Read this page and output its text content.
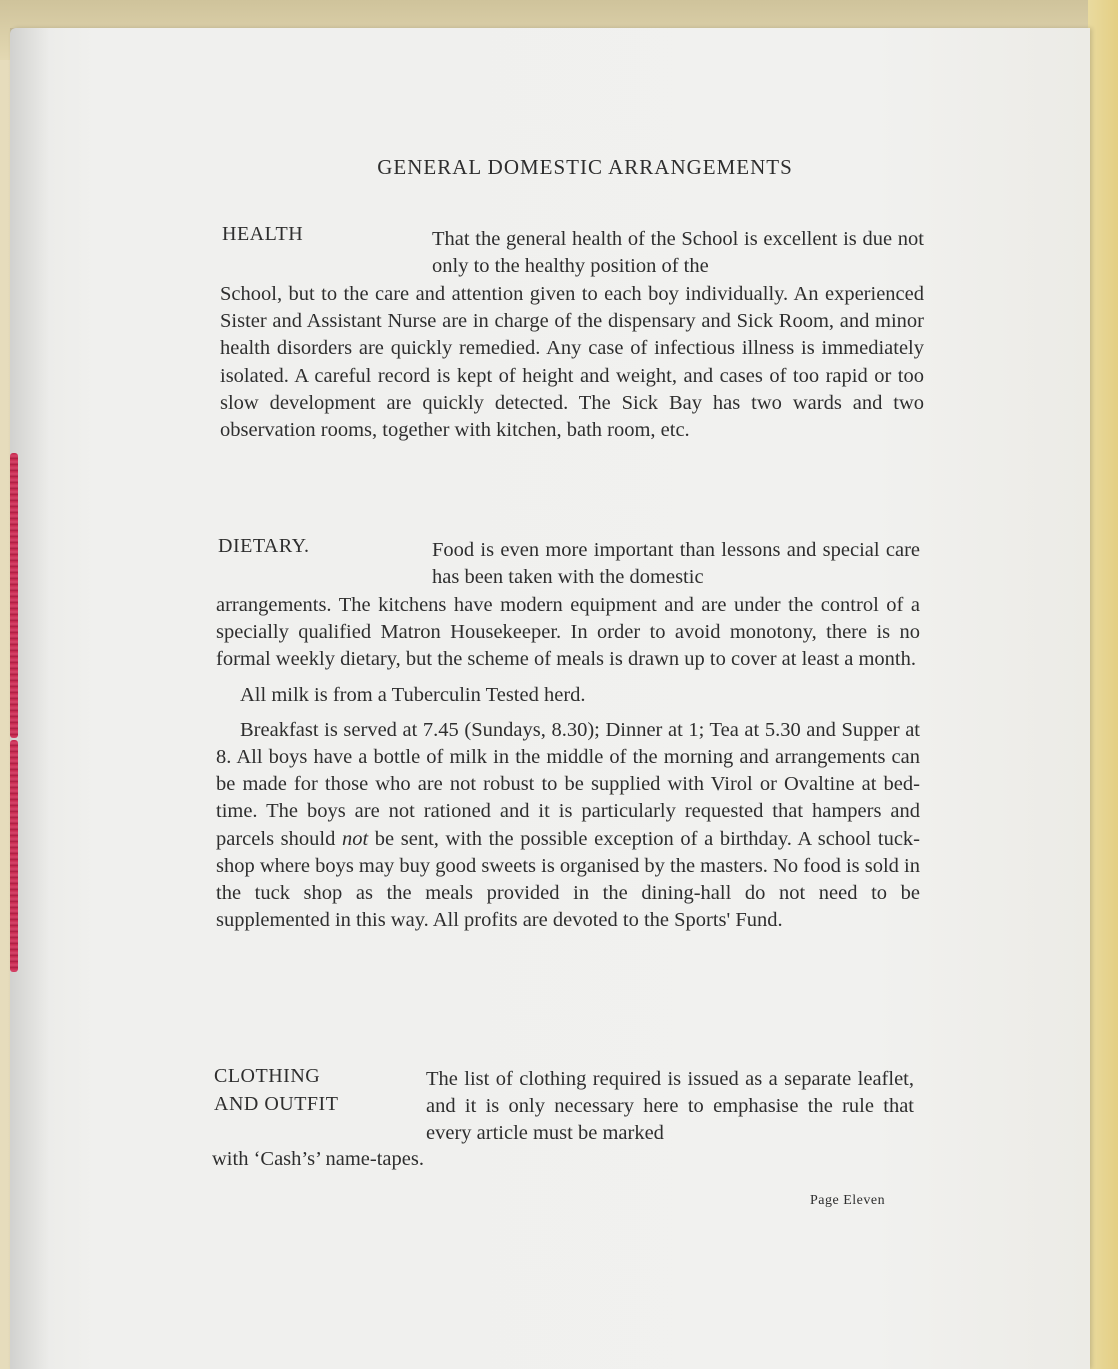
GENERAL DOMESTIC ARRANGEMENTS
HEALTH	That the general health of the School is excellent is due not only to the healthy position of the

School, but to the care and attention given to each boy individually. An experienced Sister and Assistant Nurse are in charge of the dispensary and Sick Room, and minor health disorders are quickly remedied. Any case of infectious illness is immediately isolated. A careful record is kept of height and weight, and cases of too rapid or too slow development are quickly detected. The Sick Bay has two wards and two observation rooms, together with kitchen, bath room, etc.

DIETARY.	Food is even more important than lessons and special care has been taken with the domestic

arrangements. The kitchens have modern equipment and are under the control of a specially qualified Matron Housekeeper. In order to avoid monotony, there is no formal weekly dietary, but the scheme of meals is drawn up to cover at least a month.

All milk is from a Tuberculin Tested herd.

Breakfast is served at 7.45 (Sundays, 8.30); Dinner at 1; Tea at 5.30 and Supper at 8. All boys have a bottle of milk in the middle of the morning and arrangements can be made for those who are not robust to be supplied with Virol or Ovaltine at bed-time. The boys are not rationed and it is particularly requested that hampers and parcels should not be sent, with the possible exception of a birthday. A school tuck-shop where boys may buy good sweets is organised by the masters. No food is sold in the tuck shop as the meals provided in the dining-hall do not need to be supplemented in this way. All profits are devoted to the Sports' Fund.

CLOTHING
AND OUTFIT

The list of clothing required is issued as a separate leaflet, and it is only necessary here to emphasise the rule that every article must be marked

with ‘Cash’s’ name-tapes.

Page Eleven
